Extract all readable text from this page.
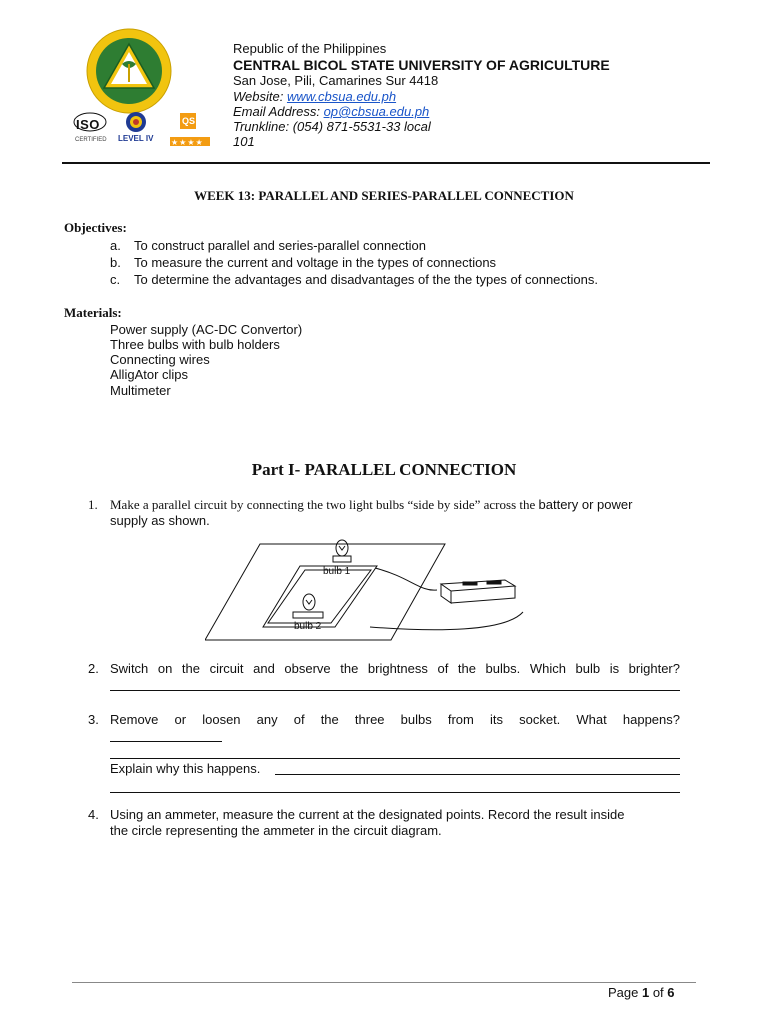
ISO
CERTIFIED LEVEL IV
QS
★★★★
Republic of the Philippines
CENTRAL BICOL STATE UNIVERSITY OF AGRICULTURE
San Jose, Pili, Camarines Sur 4418
Website: www.cbsua.edu.ph
Email Address: op@cbsua.edu.ph
Trunkline: (054) 871-5531-33 local
101
WEEK 13: PARALLEL AND SERIES-PARALLEL CONNECTION
Objectives:
a. To construct parallel and series-parallel connection
b. To measure the current and voltage in the types of connections
c. To determine the advantages and disadvantages of the the types of connections.
Materials:
Power supply (AC-DC Convertor)
Three bulbs with bulb holders
Connecting wires
AlligAtor clips
Multimeter
Part I- PARALLEL CONNECTION
1. Make a parallel circuit by connecting the two light bulbs “side by side” across the battery or power
supply as shown.
bulb 1
bulb 2
2. Switch on the circuit and observe the brightness of the bulbs. Which bulb is brighter?
3. Remove or loosen any of the three bulbs from its socket. What happens?
Explain why this happens.
4. Using an ammeter, measure the current at the designated points. Record the result inside
the circle representing the ammeter in the circuit diagram.
Page 1 of 6
